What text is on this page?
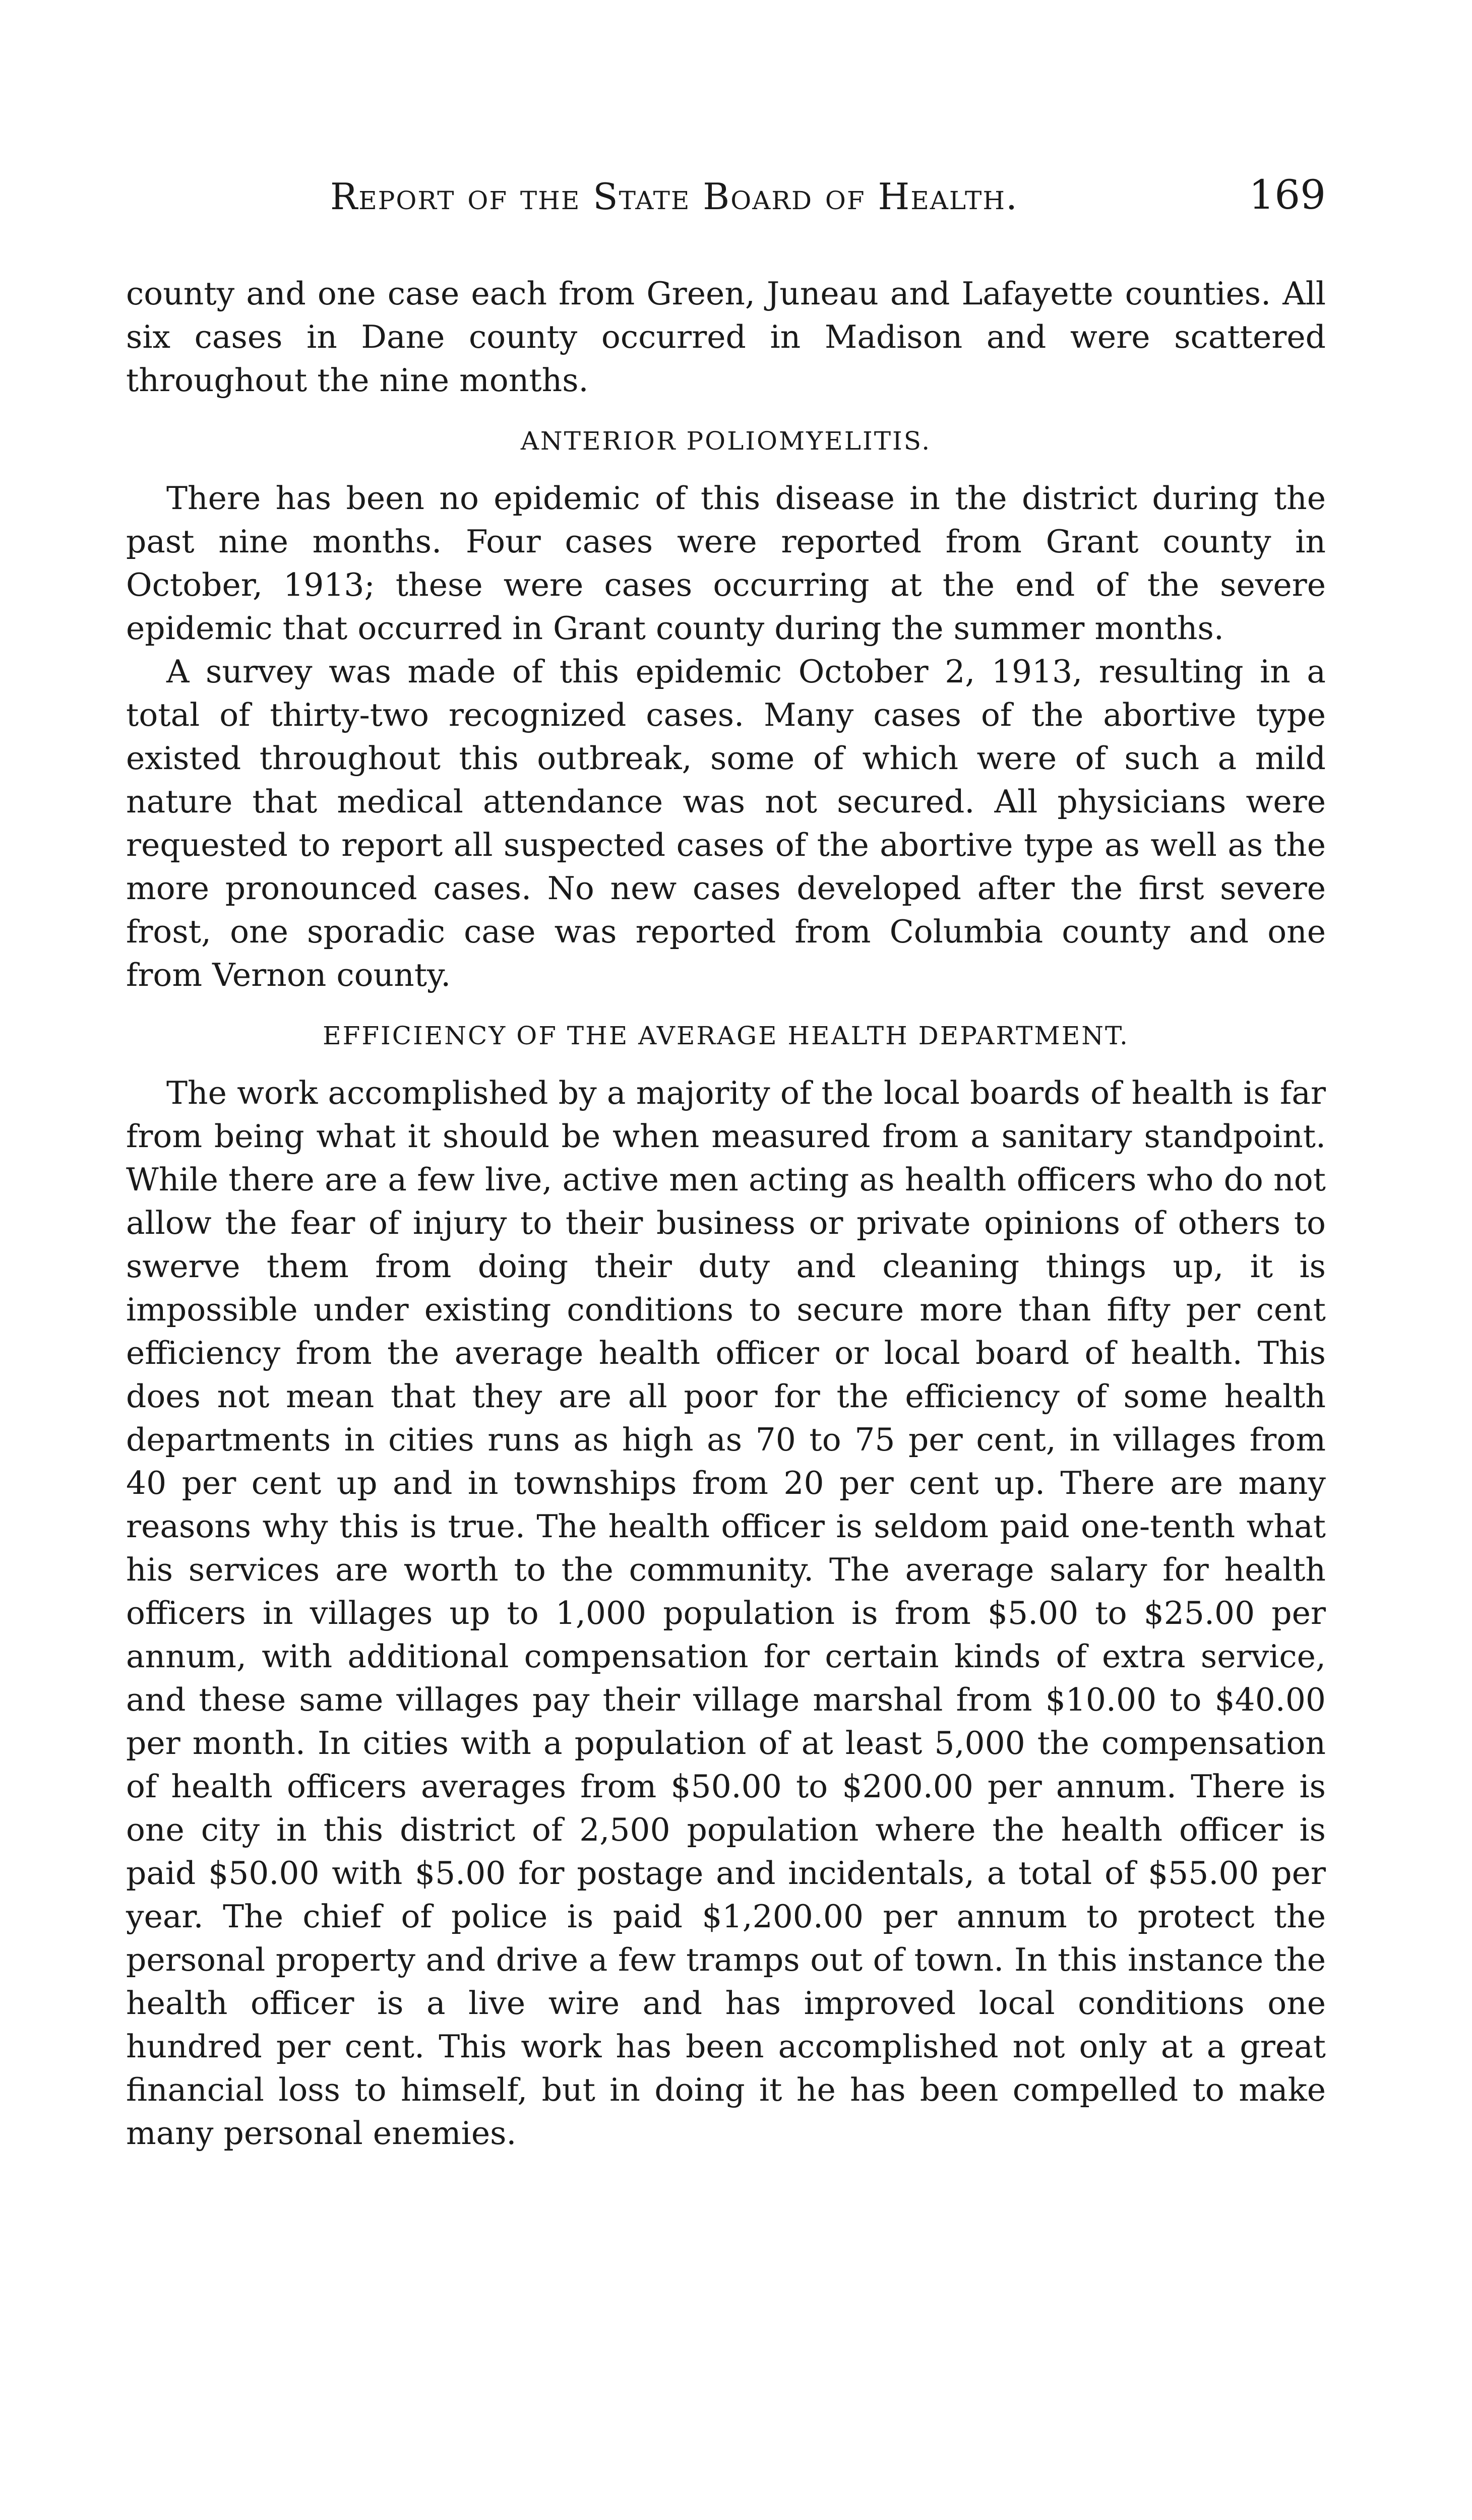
Report of the State Board of Health.	169

county and one case each from Green, Juneau and Lafayette counties. All six cases in Dane county occurred in Madison and were scattered throughout the nine months.

ANTERIOR POLIOMYELITIS.

There has been no epidemic of this disease in the district during the past nine months. Four cases were reported from Grant county in October, 1913; these were cases occurring at the end of the severe epidemic that occurred in Grant county during the summer months.

A survey was made of this epidemic October 2, 1913, resulting in a total of thirty-two recognized cases. Many cases of the abortive type existed throughout this outbreak, some of which were of such a mild nature that medical attendance was not secured. All physicians were requested to report all suspected cases of the abortive type as well as the more pronounced cases. No new cases developed after the first severe frost, one sporadic case was reported from Columbia county and one from Vernon county.

EFFICIENCY OF THE AVERAGE HEALTH DEPARTMENT.

The work accomplished by a majority of the local boards of health is far from being what it should be when measured from a sanitary standpoint. While there are a few live, active men acting as health officers who do not allow the fear of injury to their business or private opinions of others to swerve them from doing their duty and cleaning things up, it is impossible under existing conditions to secure more than fifty per cent efficiency from the average health officer or local board of health. This does not mean that they are all poor for the efficiency of some health departments in cities runs as high as 70 to 75 per cent, in villages from 40 per cent up and in townships from 20 per cent up. There are many reasons why this is true. The health officer is seldom paid one-tenth what his services are worth to the community. The average salary for health officers in villages up to 1,000 population is from $5.00 to $25.00 per annum, with additional compensation for certain kinds of extra service, and these same villages pay their village marshal from $10.00 to $40.00 per month. In cities with a population of at least 5,000 the compensation of health officers averages from $50.00 to $200.00 per annum. There is one city in this district of 2,500 population where the health officer is paid $50.00 with $5.00 for postage and incidentals, a total of $55.00 per year. The chief of police is paid $1,200.00 per annum to protect the personal property and drive a few tramps out of town. In this instance the health officer is a live wire and has improved local conditions one hundred per cent. This work has been accomplished not only at a great financial loss to himself, but in doing it he has been compelled to make many personal enemies.
